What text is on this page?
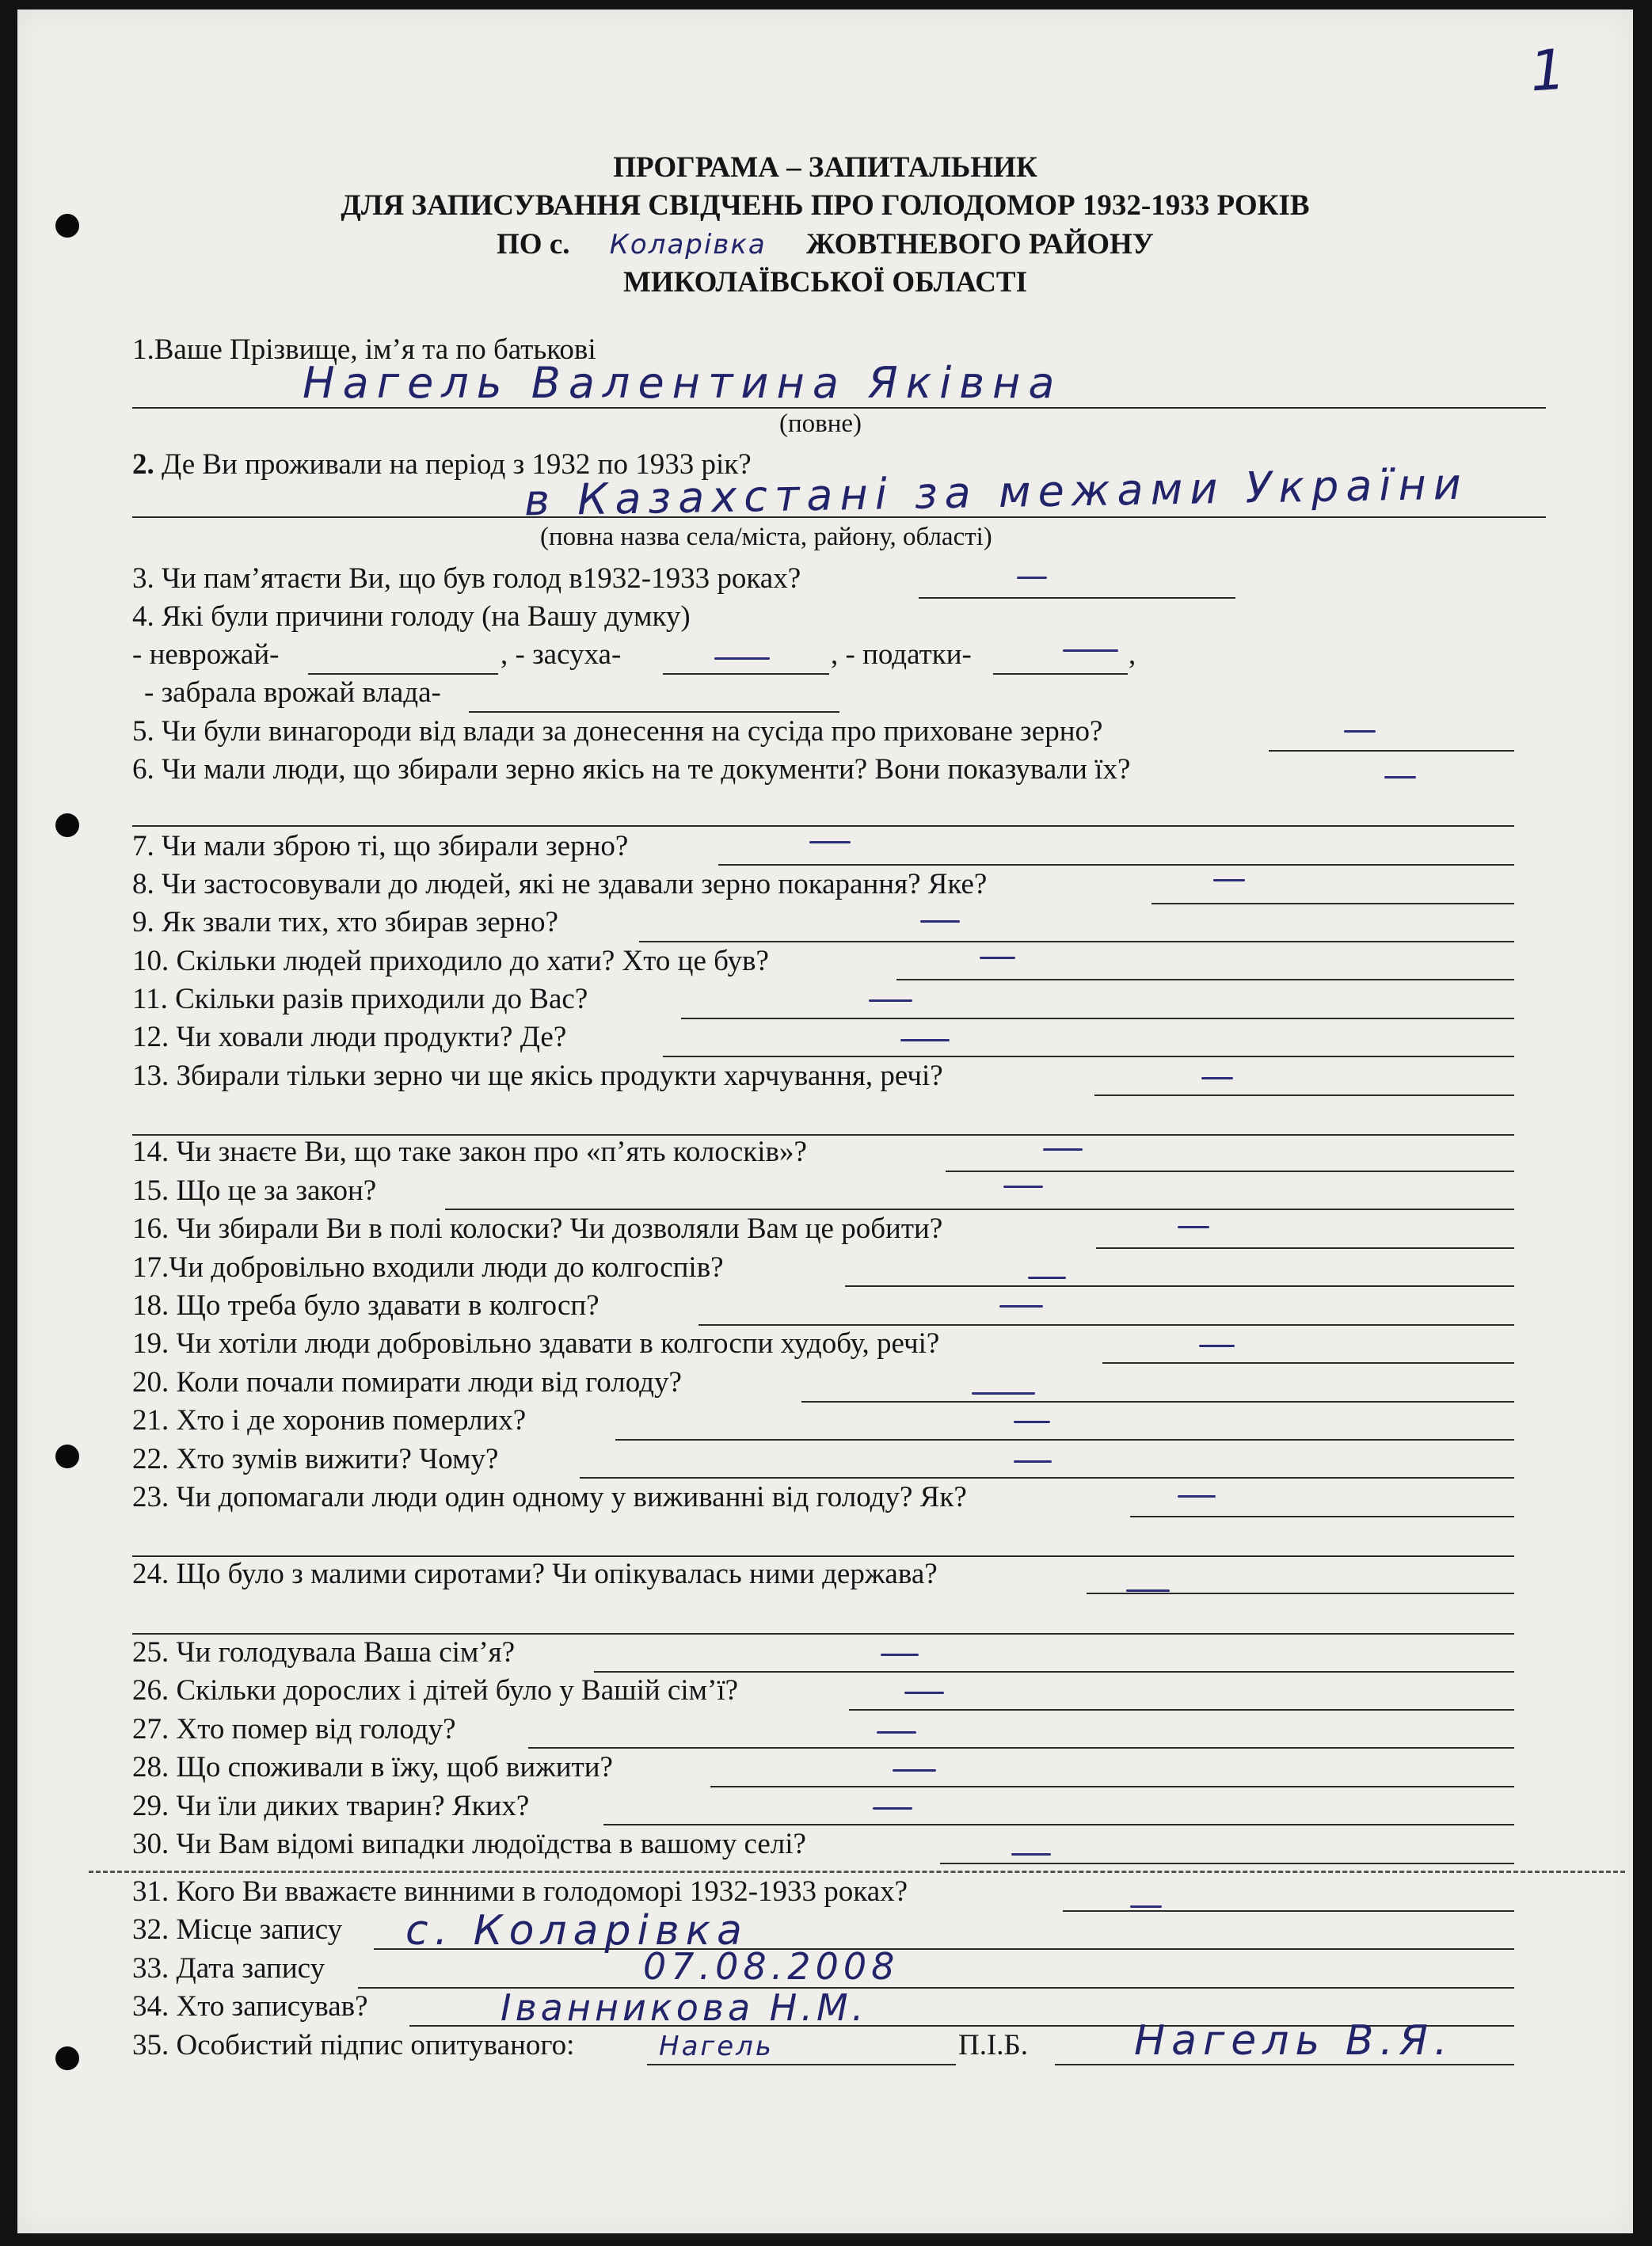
1
ПРОГРАМА – ЗАПИТАЛЬНИК
ДЛЯ ЗАПИСУВАННЯ СВІДЧЕНЬ ПРО ГОЛОДОМОР 1932-1933 РОКІВ
ПО с. Коларівка ЖОВТНЕВОГО РАЙОНУ
МИКОЛАЇВСЬКОЇ ОБЛАСТІ
1.Ваше Прізвище, ім’я та по батькові
Нагель Валентина Яківна
(повне)
2. Де Ви проживали на період з 1932 по 1933 рік?
в Казахстані за межами України
(повна назва села/міста, району, області)
3. Чи пам’ятаєти Ви, що був голод в1932-1933 роках?
4. Які були причини голоду (на Вашу думку)
- неврожай-	, - засуха-	, - податки-	,
- забрала врожай влада-
5. Чи були винагороди від влади за донесення на сусіда про приховане зерно?
6. Чи мали люди, що збирали зерно якісь на те документи? Вони показували їх?
7. Чи мали зброю ті, що збирали зерно?
8. Чи застосовували до людей, які не здавали зерно покарання? Яке?
9. Як звали тих, хто збирав зерно?
10. Скільки людей приходило до хати? Хто це був?
11. Скільки разів приходили до Вас?
12. Чи ховали люди продукти? Де?
13. Збирали тільки зерно чи ще якісь продукти харчування, речі?
14. Чи знаєте Ви, що таке закон про «п’ять колосків»?
15. Що це за закон?
16. Чи збирали Ви в полі колоски? Чи дозволяли Вам це робити?
17.Чи добровільно входили люди до колгоспів?
18. Що треба було здавати в колгосп?
19. Чи хотіли люди добровільно здавати в колгоспи худобу, речі?
20. Коли почали помирати люди від голоду?
21. Хто і де хоронив померлих?
22. Хто зумів вижити? Чому?
23. Чи допомагали люди один одному у виживанні від голоду? Як?
24. Що було з малими сиротами? Чи опікувалась ними держава?
25. Чи голодувала Ваша сім’я?
26. Скільки дорослих і дітей було у Вашій сім’ї?
27. Хто помер від голоду?
28. Що споживали в їжу, щоб вижити?
29. Чи їли диких тварин? Яких?
30. Чи Вам відомі випадки людоїдства в вашому селі?
31. Кого Ви вважаєте винними в голодоморі 1932-1933 роках?
32. Місце запису с. Коларівка
33. Дата запису	07.08.2008
34. Хто записував?	Іванникова Н.М.
35. Особистий підпис опитуваного:	Нагель	П.І.Б.	Нагель В.Я.
